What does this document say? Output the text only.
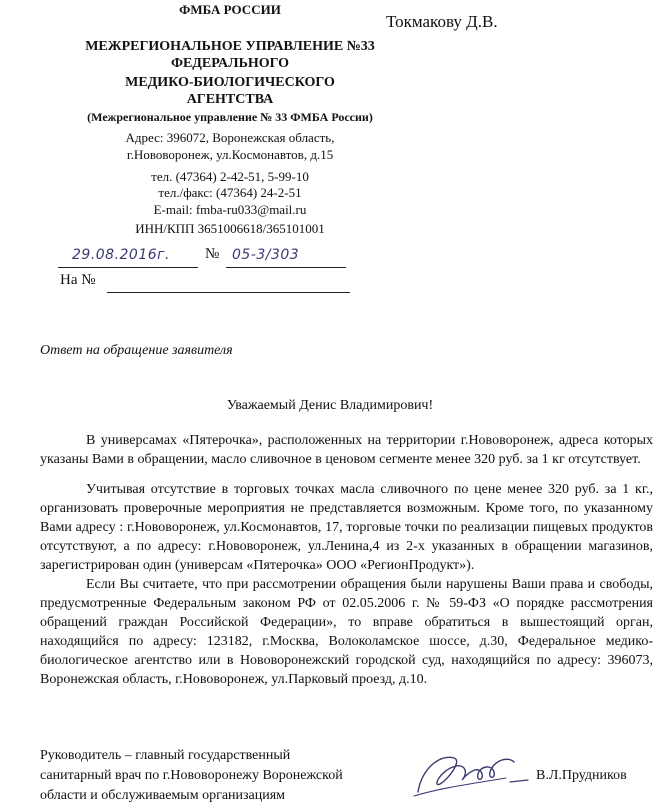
ФМБА РОССИИ
МЕЖРЕГИОНАЛЬНОЕ УПРАВЛЕНИЕ №33
ФЕДЕРАЛЬНОГО
МЕДИКО-БИОЛОГИЧЕСКОГО
АГЕНТСТВА
(Межрегиональное управление № 33 ФМБА России)
Адрес: 396072, Воронежская область,
г.Нововоронеж, ул.Космонавтов, д.15
тел. (47364) 2-42-51, 5-99-10
тел./факс: (47364) 24-2-51
E-mail: fmba-ru033@mail.ru
ИНН/КПП 3651006618/365101001
Токмакову Д.В.
29.08.2016г. № 05-3/303
На №
Ответ на обращение заявителя
Уважаемый Денис Владимирович!

В универсамах «Пятерочка», расположенных на территории г.Нововоронеж, адреса которых указаны Вами в обращении, масло сливочное в ценовом сегменте менее 320 руб. за 1 кг отсутствует.

Учитывая отсутствие в торговых точках масла сливочного по цене менее 320 руб. за 1 кг., организовать проверочные мероприятия не представляется возможным. Кроме того, по указанному Вами адресу : г.Нововоронеж, ул.Космонавтов, 17, торговые точки по реализации пищевых продуктов отсутствуют, а по адресу: г.Нововоронеж, ул.Ленина,4 из 2-х указанных в обращении магазинов, зарегистрирован один (универсам «Пятерочка» ООО «РегионПродукт»).

Если Вы считаете, что при рассмотрении обращения были нарушены Ваши права и свободы, предусмотренные Федеральным законом РФ от 02.05.2006 г. № 59-ФЗ «О порядке рассмотрения обращений граждан Российской Федерации», то вправе обратиться в вышестоящий орган, находящийся по адресу: 123182, г.Москва, Волоколамское шоссе, д.30, Федеральное медико-биологическое агентство или в Нововоронежский городской суд, находящийся по адресу: 396073, Воронежская область, г.Нововоронеж, ул.Парковый проезд, д.10.

Руководитель – главный государственный
санитарный врач по г.Нововоронежу Воронежской
области и обслуживаемым организациям
В.Л.Прудников
